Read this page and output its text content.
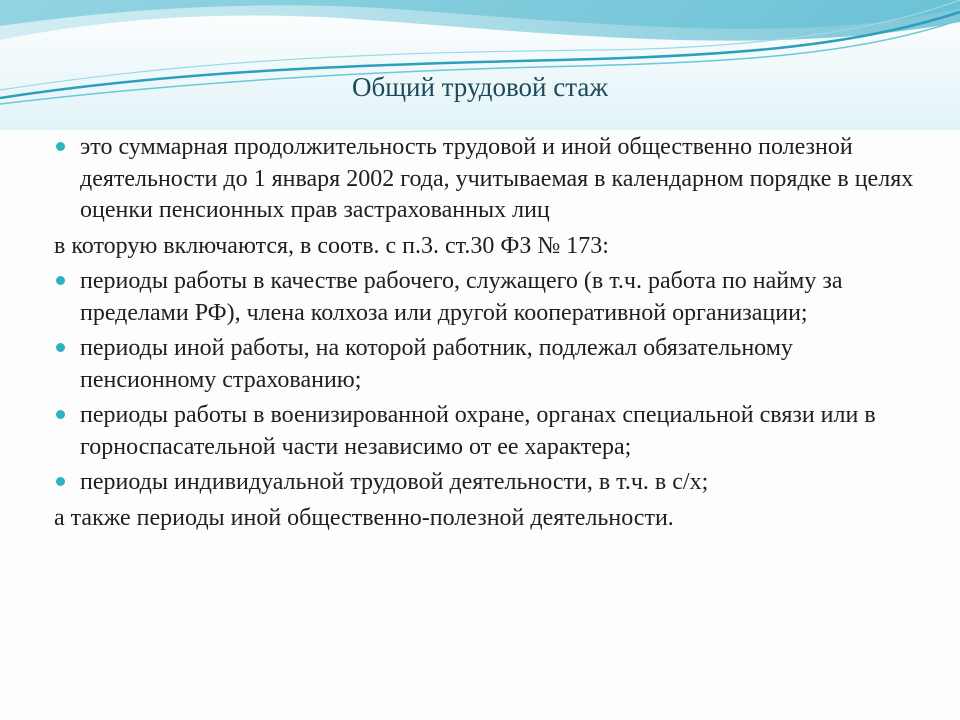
Общий трудовой стаж
это суммарная продолжительность трудовой и иной общественно полезной деятельности до 1 января 2002 года, учитываемая в календарном порядке в целях оценки пенсионных прав застрахованных лиц
в которую включаются, в соотв. с п.3. ст.30 ФЗ № 173:
периоды работы в качестве рабочего, служащего (в т.ч. работа по найму за пределами РФ), члена колхоза или другой кооперативной организации;
периоды иной работы, на которой работник, подлежал обязательному пенсионному страхованию;
периоды работы в военизированной охране, органах специальной связи или в горноспасательной части независимо от ее характера;
периоды индивидуальной трудовой деятельности, в т.ч. в с/х;
а также периоды иной общественно-полезной деятельности.
